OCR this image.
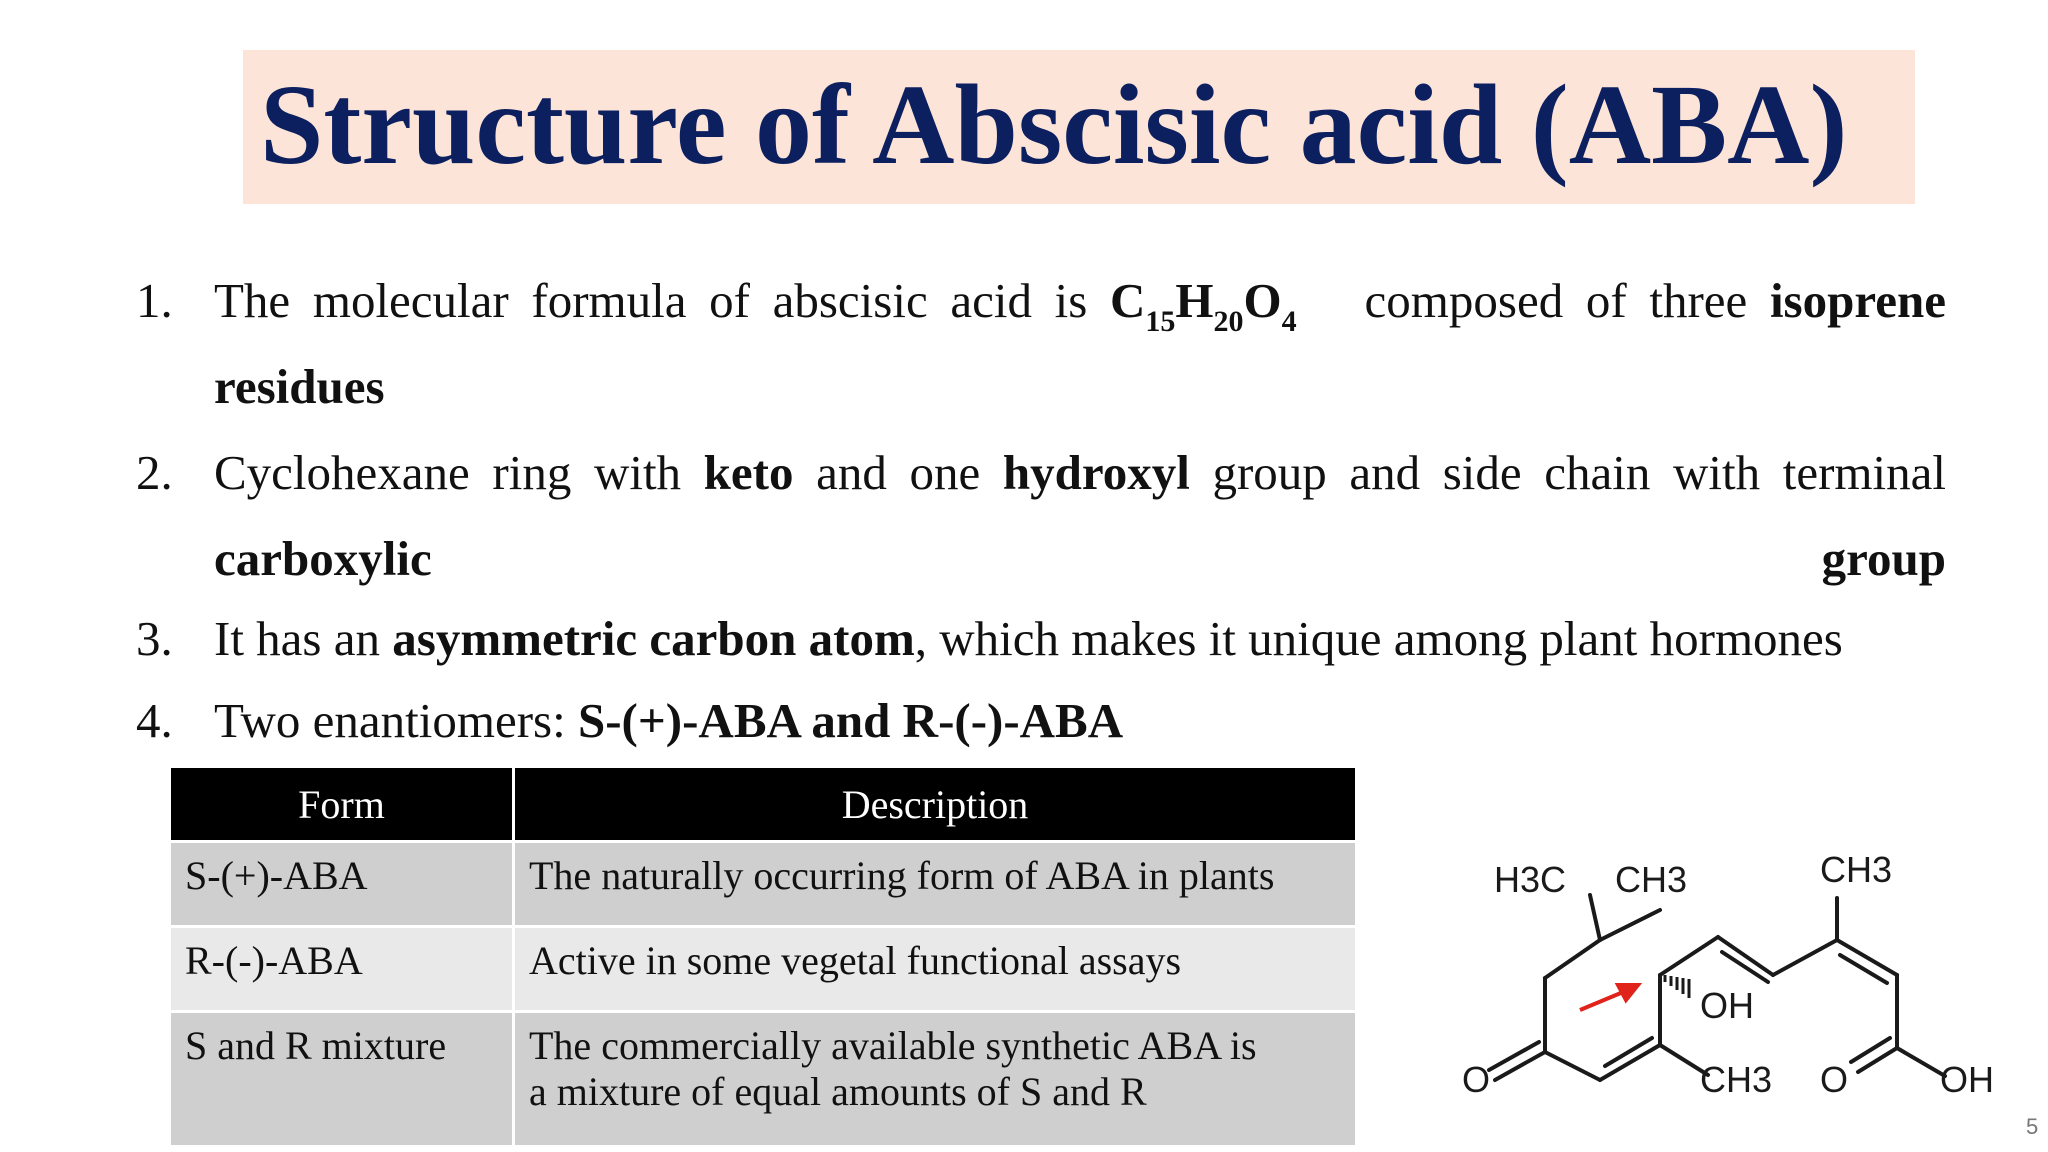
Structure of Abscisic acid (ABA)
1. The molecular formula of abscisic acid is $C_{15}H_{20}O_4$   composed of three isoprene residues
2. Cyclohexane ring with keto and one hydroxyl group and side chain with terminal carboxylic group
3. It has an asymmetric carbon atom, which makes it unique among plant hormones
4. Two enantiomers: S-(+)-ABA and R-(-)-ABA
Form	Description
S-(+)-ABA	The naturally occurring form of ABA in plants
R-(-)-ABA	Active in some vegetal functional assays
S and R mixture	The commercially available synthetic ABA is
a mixture of equal amounts of S and R
H3C CH3	CH3
OH
CH3
O	O	OH
5
